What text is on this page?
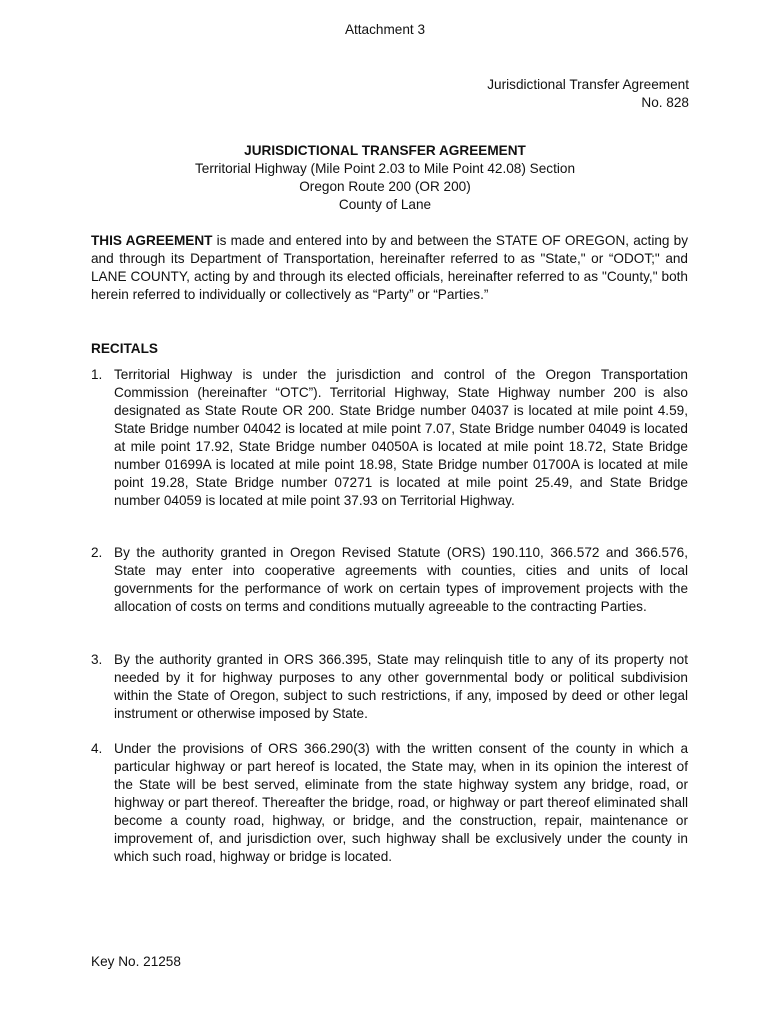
Attachment 3
Jurisdictional Transfer Agreement
No. 828
JURISDICTIONAL TRANSFER AGREEMENT
Territorial Highway (Mile Point 2.03 to Mile Point 42.08) Section
Oregon Route 200 (OR 200)
County of Lane

THIS AGREEMENT is made and entered into by and between the STATE OF OREGON, acting by and through its Department of Transportation, hereinafter referred to as "State," or “ODOT;" and LANE COUNTY, acting by and through its elected officials, hereinafter referred to as "County," both herein referred to individually or collectively as “Party” or “Parties.”

RECITALS

1. Territorial Highway is under the jurisdiction and control of the Oregon Transportation Commission (hereinafter “OTC”). Territorial Highway, State Highway number 200 is also designated as State Route OR 200. State Bridge number 04037 is located at mile point 4.59, State Bridge number 04042 is located at mile point 7.07, State Bridge number 04049 is located at mile point 17.92, State Bridge number 04050A is located at mile point 18.72, State Bridge number 01699A is located at mile point 18.98, State Bridge number 01700A is located at mile point 19.28, State Bridge number 07271 is located at mile point 25.49, and State Bridge number 04059 is located at mile point 37.93 on Territorial Highway.
2. By the authority granted in Oregon Revised Statute (ORS) 190.110, 366.572 and 366.576, State may enter into cooperative agreements with counties, cities and units of local governments for the performance of work on certain types of improvement projects with the allocation of costs on terms and conditions mutually agreeable to the contracting Parties.
3. By the authority granted in ORS 366.395, State may relinquish title to any of its property not needed by it for highway purposes to any other governmental body or political subdivision within the State of Oregon, subject to such restrictions, if any, imposed by deed or other legal instrument or otherwise imposed by State.
4. Under the provisions of ORS 366.290(3) with the written consent of the county in which a particular highway or part hereof is located, the State may, when in its opinion the interest of the State will be best served, eliminate from the state highway system any bridge, road, or highway or part thereof. Thereafter the bridge, road, or highway or part thereof eliminated shall become a county road, highway, or bridge, and the construction, repair, maintenance or improvement of, and jurisdiction over, such highway shall be exclusively under the county in which such road, highway or bridge is located.
Key No. 21258
